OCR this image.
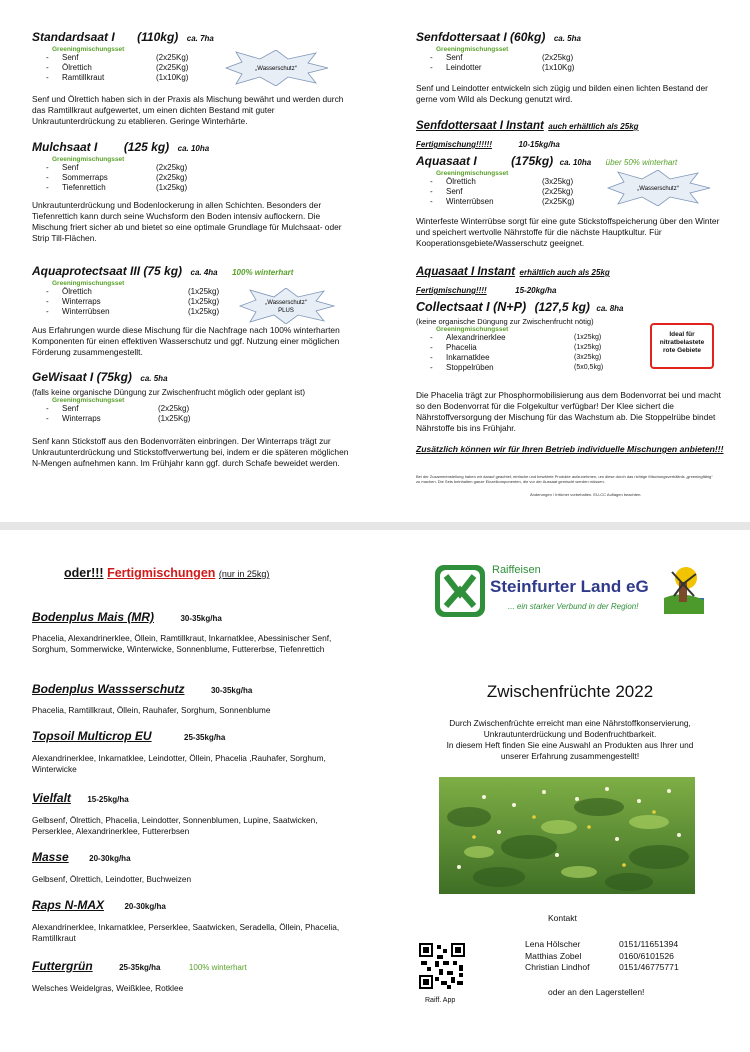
Standardsaat I (110kg) ca. 7ha
Greeningmischungsset
- Senf	(2x25Kg)
- Ölrettich	(2x25Kg)
- Ramtillkraut	(1x10Kg)
„Wasserschutz“
Senf und Ölrettich haben sich in der Praxis als Mischung bewährt und werden durch das Ramtillkraut aufgewertet, um einen dichten Bestand mit guter Unkrautunterdrückung zu etablieren. Geringe Winterhärte.
Mulchsaat I (125 kg) ca. 10ha
Greeningmischungsset
- Senf	(2x25kg)
- Sommerraps	(2x25kg)
- Tiefenrettich	(1x25kg)
Unkrautunterdrückung und Bodenlockerung in allen Schichten. Besonders der Tiefenrettich kann durch seine Wuchsform den Boden intensiv auflockern. Die Mischung friert sicher ab und bietet so eine optimale Grundlage für Mulchsaat- oder Strip Till-Flächen.
Aquaprotectsaat III (75 kg) ca. 4ha 100% winterhart
Greeningmischungsset
- Ölrettich	(1x25kg)
- Winterraps	(1x25kg)
- Winterrübsen	(1x25kg)
„Wasserschutz“
PLUS
Aus Erfahrungen wurde diese Mischung für die Nachfrage nach 100% winterharten Komponenten für einen effektiven Wasserschutz und ggf. Nutzung einer möglichen Förderung zusammengestellt.
GeWisaat I (75kg) ca. 5ha
(falls keine organische Düngung zur Zwischenfrucht möglich oder geplant ist)
Greeningmischungsset
- Senf	(2x25kg)
- Winterraps	(1x25Kg)
Senf kann Stickstoff aus den Bodenvorräten einbringen. Der Winterraps trägt zur Unkrautunterdrückung und Stickstoffverwertung bei, indem er die späteren möglichen N-Mengen aufnehmen kann. Im Frühjahr kann ggf. durch Schafe beweidet werden.
Senfdottersaat I (60kg) ca. 5ha
Greeningmischungsset
- Senf	(2x25kg)
- Leindotter	(1x10Kg)
Senf und Leindotter entwickeln sich zügig und bilden einen lichten Bestand der gerne vom Wild als Deckung genutzt wird.
Senfdottersaat I Instant auch erhältlich als 25kg
Fertigmischung!!!!!!	10-15kg/ha
Aquasaat I	(175kg) ca. 10ha über 50% winterhart
Greeningmischungsset
- Ölrettich	(3x25kg)
- Senf	(2x25kg)
- Winterrübsen	(2x25Kg)
„Wasserschutz“
Winterfeste Winterrübse sorgt für eine gute Stickstoffspeicherung über den Winter und speichert wertvolle Nährstoffe für die nächste Hauptkultur. Für Kooperationsgebiete/Wasserschutz geeignet.
Aquasaat I Instant erhältlich auch als 25kg
Fertigmischung!!!!	15-20kg/ha
Collectsaat I (N+P) (127,5 kg) ca. 8ha
(keine organische Düngung zur Zwischenfrucht nötig)
Greeningmischungsset
- Alexandrinerklee	(1x25kg)
- Phacelia	(1x25kg)
- Inkarnatklee	(3x25kg)
- Stoppelrüben	(5x0,5kg)
Ideal für
nitratbelastete
rote Gebiete
Die Phacelia trägt zur Phosphormobilisierung aus dem Bodenvorrat bei und macht so den Bodenvorrat für die Folgekultur verfügbar! Der Klee sichert die Nährstoffversorgung der Mischung für das Wachstum ab. Die Stoppelrübe bindet Nährstoffe bis ins Frühjahr.
Zusätzlich können wir für Ihren Betrieb individuelle Mischungen anbieten!!!
Bei der Zusammenstellung haben wir darauf geachtet, einfache und bewährte Produkte aufzunehmen, um diese durch das richtige Mischungsverhältnis „greeningfähig“ zu machen. Die Sets beinhalten ganze Einzelkomponenten, die vor der Aussaat gemischt werden müssen.
Änderungen / Irrtümer vorbehalten. EU-CC Auflagen beachten.
oder!!! Fertigmischungen (nur in 25kg)
Bodenplus Mais (MR)	30-35kg/ha
Phacelia, Alexandrinerklee, Öllein, Ramtillkraut, Inkarnatklee, Abessinischer Senf, Sorghum, Sommerwicke, Winterwicke, Sonnenblume, Futtererbse, Tiefenrettich
Bodenplus Wassserschutz	30-35kg/ha
Phacelia, Ramtillkraut, Öllein, Rauhafer, Sorghum, Sonnenblume
Topsoil Multicrop EU	25-35kg/ha
Alexandrinerklee, Inkarnatklee, Leindotter, Öllein, Phacelia ,Rauhafer, Sorghum, Winterwicke
Vielfalt 15-25kg/ha
Gelbsenf, Ölrettich, Phacelia, Leindotter, Sonnenblumen, Lupine, Saatwicken, Perserklee, Alexandrinerklee, Futtererbsen
Masse	20-30kg/ha
Gelbsenf, Ölrettich, Leindotter, Buchweizen
Raps N-MAX	20-30kg/ha
Alexandrinerklee, Inkarnatklee, Perserklee, Saatwicken, Seradella, Öllein, Phacelia, Ramtillkraut
Futtergrün	25-35kg/ha	100% winterhart
Welsches Weidelgras, Weißklee, Rotklee
Raiffeisen
Steinfurter Land eG
... ein starker Verbund in der Region!
Zwischenfrüchte 2022
Durch Zwischenfrüchte erreicht man eine Nährstoffkonservierung,
Unkrautunterdrückung und Bodenfruchtbarkeit.
In diesem Heft finden Sie eine Auswahl an Produkten aus Ihrer und
unserer Erfahrung zusammengestellt!
Kontakt
Raiff. App
Lena Hölscher	0151/11651394
Matthias Zobel	0160/6101526
Christian Lindhof	0151/46775771
oder an den Lagerstellen!
